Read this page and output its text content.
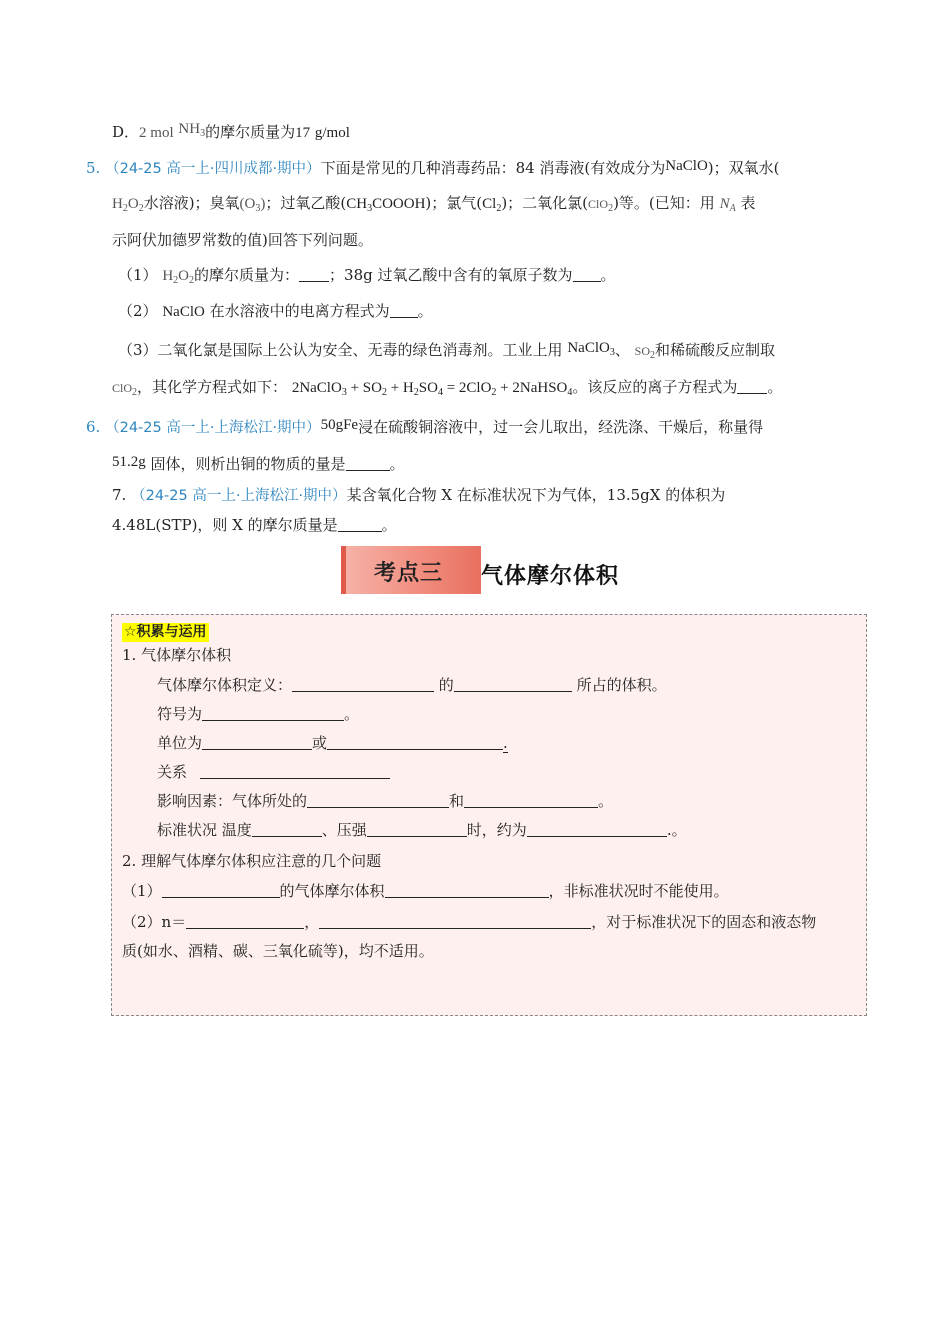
D．2 mol $NH_3$的摩尔质量为17 g/mol
5. （24-25 高一上·四川成都·期中）下面是常见的几种消毒药品：84 消毒液(有效成分为NaClO)；双氧水(
$H_2O_2$水溶液)；臭氧$(O_3)$；过氧乙酸$(CH_3COOOH)$；氯气$(Cl_2)$；二氧化氯(ClO$_2$)等。(已知：用 $N_A$ 表
示阿伏加德罗常数的值)回答下列问题。
（1） $H_2O_2$的摩尔质量为： ；38g 过氧乙酸中含有的氧原子数为 。
（2） NaClO 在水溶液中的电离方程式为 。
（3）二氧化氯是国际上公认为安全、无毒的绿色消毒剂。工业上用 NaClO$_3$、 $SO_2$和稀硫酸反应制取
ClO$_2$，其化学方程式如下： 2NaClO$_3$ + $SO_2 + H_2SO_4 = 2ClO_2$ + 2NaHSO$_4$。该反应的离子方程式为 。
6. （24-25 高一上·上海松江·期中）50gFe浸在硫酸铜溶液中，过一会儿取出，经洗涤、干燥后，称量得
51.2g 固体，则析出铜的物质的量是	。
7. （24-25 高一上·上海松江·期中）某含氧化合物 X 在标准状况下为气体，13.5gX 的体积为
4.48L(STP)，则 X 的摩尔质量是	。
考点三 气体摩尔体积
☆积累与运用
1. 气体摩尔体积
气体摩尔体积定义：	的	所占的体积。
符号为	。
单位为	或	.
关系
影响因素：气体所处的	和	。
标准状况 温度	、压强	时，约为	.。
2. 理解气体摩尔体积应注意的几个问题
（1）	的气体摩尔体积	，非标准状况时不能使用。
（2）n＝	，	，对于标准状况下的固态和液态物
质(如水、酒精、碳、三氧化硫等)，均不适用。
